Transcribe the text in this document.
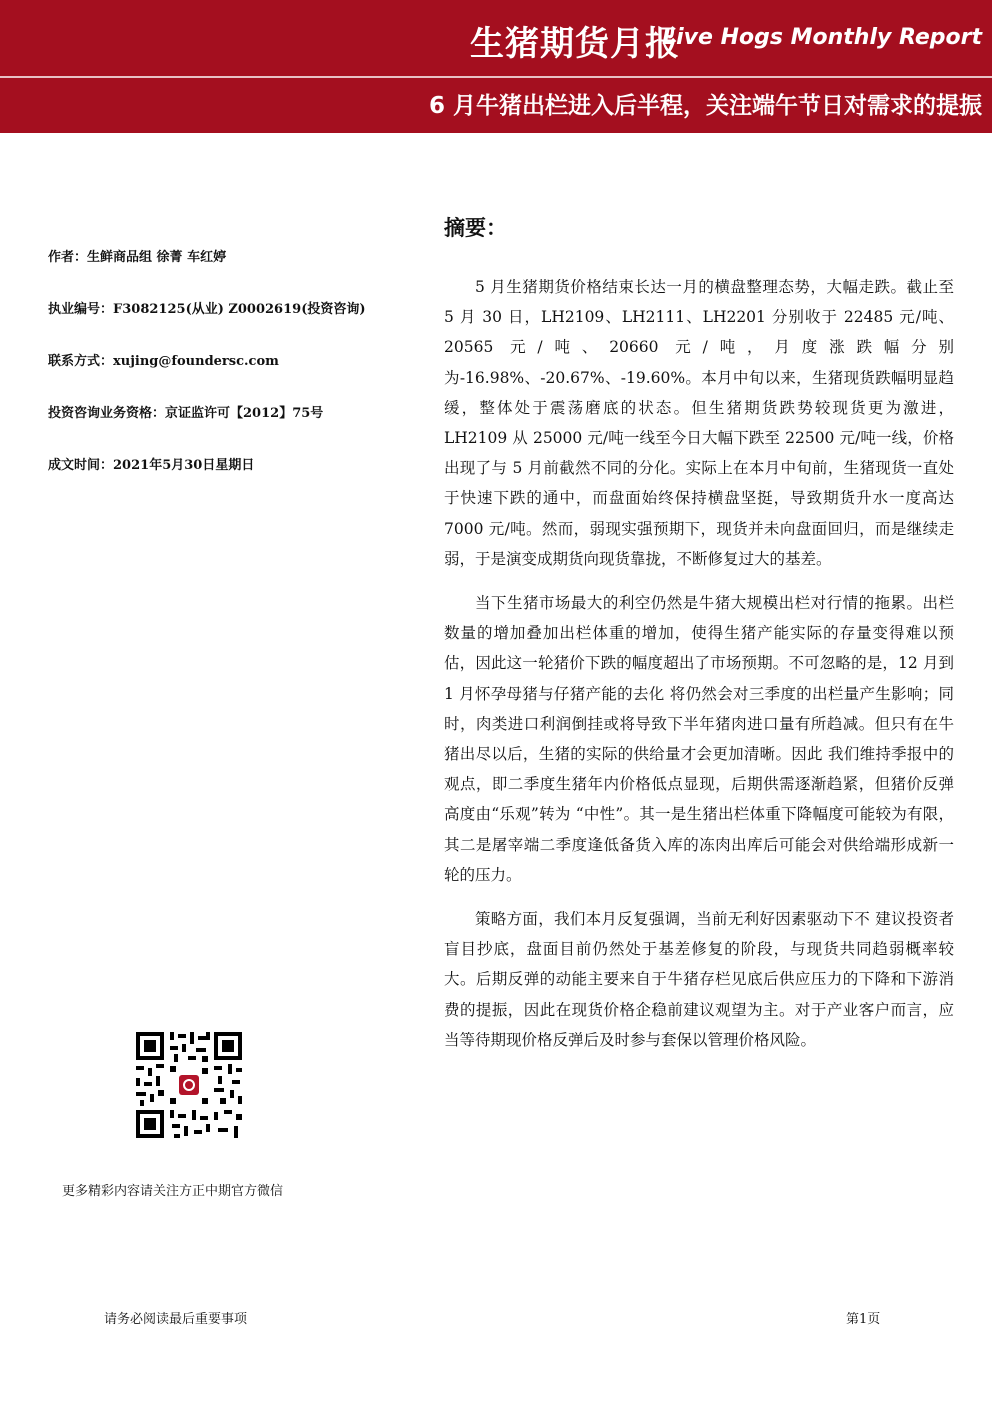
生猪期货月报
Live Hogs Monthly Report
6 月牛猪出栏进入后半程，关注端午节日对需求的提振
作者：生鲜商品组 徐菁 车红婷
执业编号：F3082125(从业) Z0002619(投资咨询)
联系方式：xujing@foundersc.com
投资咨询业务资格：京证监许可【2012】75号
成文时间：2021年5月30日星期日
更多精彩内容请关注方正中期官方微信
摘要：

5 月生猪期货价格结束长达一月的横盘整理态势，大幅走跌。截止至 5 月 30 日，LH2109、LH2111、LH2201 分别收于 22485 元/吨、20565 元/吨、20660 元/吨，月度涨跌幅分别为-16.98%、-20.67%、-19.60%。本月中旬以来，生猪现货跌幅明显趋缓，整体处于震荡磨底的状态。但生猪期货跌势较现货更为激进，LH2109 从 25000 元/吨一线至今日大幅下跌至 22500 元/吨一线，价格出现了与 5 月前截然不同的分化。实际上在本月中旬前，生猪现货一直处于快速下跌的通中，而盘面始终保持横盘坚挺，导致期货升水一度高达 7000 元/吨。然而，弱现实强预期下，现货并未向盘面回归，而是继续走弱，于是演变成期货向现货靠拢，不断修复过大的基差。

当下生猪市场最大的利空仍然是牛猪大规模出栏对行情的拖累。出栏数量的增加叠加出栏体重的增加，使得生猪产能实际的存量变得难以预估，因此这一轮猪价下跌的幅度超出了市场预期。不可忽略的是，12 月到 1 月怀孕母猪与仔猪产能的去化 将仍然会对三季度的出栏量产生影响；同时，肉类进口利润倒挂或将导致下半年猪肉进口量有所趋减。但只有在牛猪出尽以后，生猪的实际的供给量才会更加清晰。因此 我们维持季报中的观点，即二季度生猪年内价格低点显现，后期供需逐渐趋紧，但猪价反弹高度由“乐观”转为 “中性”。其一是生猪出栏体重下降幅度可能较为有限，其二是屠宰端二季度逢低备货入库的冻肉出库后可能会对供给端形成新一轮的压力。

策略方面，我们本月反复强调，当前无利好因素驱动下不 建议投资者盲目抄底，盘面目前仍然处于基差修复的阶段，与现货共同趋弱概率较大。后期反弹的动能主要来自于牛猪存栏见底后供应压力的下降和下游消费的提振，因此在现货价格企稳前建议观望为主。对于产业客户而言，应当等待期现价格反弹后及时参与套保以管理价格风险。

请务必阅读最后重要事项	第1页
